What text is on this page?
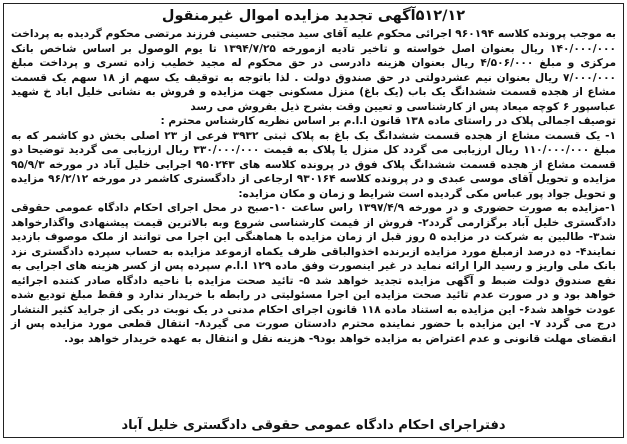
۵۱۲/۱۲آگهی تجدید مزایده اموال غیرمنقول

به موجب پرونده کلاسه ۹۶۰۱۹۴ اجرائی محکوم علیه آقای سید مجتبی حسینی فرزند مرتضی محکوم گردیده به پرداخت ۱۴۰/۰۰۰/۰۰۰ ریال بعنوان اصل خواسته و تاخیر تادیه ازمورخه ۱۳۹۴/۷/۲۵ تا یوم الوصول بر اساس شاخص بانک مرکزی و مبلغ ۴/۵۰۶/۰۰۰ ریال بعنوان هزینه دادرسی در حق محکوم له مجید خطیب زاده تسری و پرداخت مبلغ ۷/۰۰۰/۰۰۰ ریال بعنوان نیم عشردولتی در حق صندوق دولت . لذا باتوجه به توقیف یک سهم از ۱۸ سهم یک قسمت مشاع از هجده قسمت ششدانگ یک باب (یک باغ) منزل مسکونی جهت مزایده و فروش به نشانی خلیل اباد خ شهید عباسپور ۶ کوچه میعاد پس از کارشناسی و تعیین وقت بشرح ذیل بفروش می رسد

توصیف اجمالی پلاک در راستای ماده ۱۳۸ قانون ا.ا.م بر اساس نظریه کارشناس محترم :

۱- یک قسمت مشاع از هجده قسمت ششدانگ یک باغ به پلاک ثبتی ۳۹۳۲ فرعی از ۲۳ اصلی بخش دو کاشمر که به مبلغ ۱۱۰/۰۰۰/۰۰۰ ریال ارزیابی می گردد کل منزل یا پلاک به قیمت ۳۳۰/۰۰۰/۰۰۰ ریال ارزیابی می گردید توضیحا دو قسمت مشاع از هجده قسمت ششدانگ پلاک فوق در پرونده کلاسه های ۹۵۰۲۴۳ اجرایی خلیل آباد در مورخه ۹۵/۹/۳ مزایده و تحویل آقای موسی عبدی و در پرونده کلاسه ۹۳۰۱۶۴ ارجاعی از دادگستری کاشمر در مورخه ۹۶/۲/۱۲ مزایده و تحویل جواد پور عباس مکی گردیده است شرایط و زمان و مکان مزایده:

۱-مزایده به صورت حضوری و در مورخه ۱۳۹۷/۴/۹ راس ساعت ۱۰-صبح در محل اجرای احکام دادگاه عمومی حقوقی دادگستری خلیل آباد برگزارمی گردد۲- فروش از قیمت کارشناسی شروع وبه بالاترین قیمت پیشنهادی واگذارخواهد شد۳- طالبین به شرکت در مزایده ۵ روز قبل از زمان مزایده با هماهنگی این اجرا می توانند از ملک موصوف بازدید نمایند۴- ده درصد ازمبلغ مورد مزایده ازبرنده اخذوالباقی ظرف یکماه ازموعد مزایده به حساب سپرده دادگستری نزد بانک ملی واریز و رسید الرا ارائه نماید در غیر اینصورت وفق ماده ۱۲۹ ا.ا.م سپرده پس از کسر هزینه های اجرایی به نفع صندوق دولت ضبط و آگهی مزایده تجدید خواهد شد ۵- تائید صحت مزایده با ناحیه دادگاه صادر کننده اجرائیه خواهد بود و در صورت عدم تائید صحت مزایده این اجرا مسئولیتی در رابطه با خریدار ندارد و فقط مبلغ تودیع شده عودت خواهد شد۶- این مزایده به استناد ماده ۱۱۸ قانون اجرای احکام مدنی در یک نوبت در یکی از جراید کثیر النتشار درج می گردد ۷- این مزایده با حضور نماینده محترم دادستان صورت می گیرد۸- انتقال قطعی مورد مزایده پس از انقضای مهلت قانونی و عدم اعتراض به مزایده خواهد بود۹- هزینه نقل و انتقال به عهده خریدار خواهد بود.

دفتراجرای احکام دادگاه عمومی حقوقی دادگستری خلیل آباد
